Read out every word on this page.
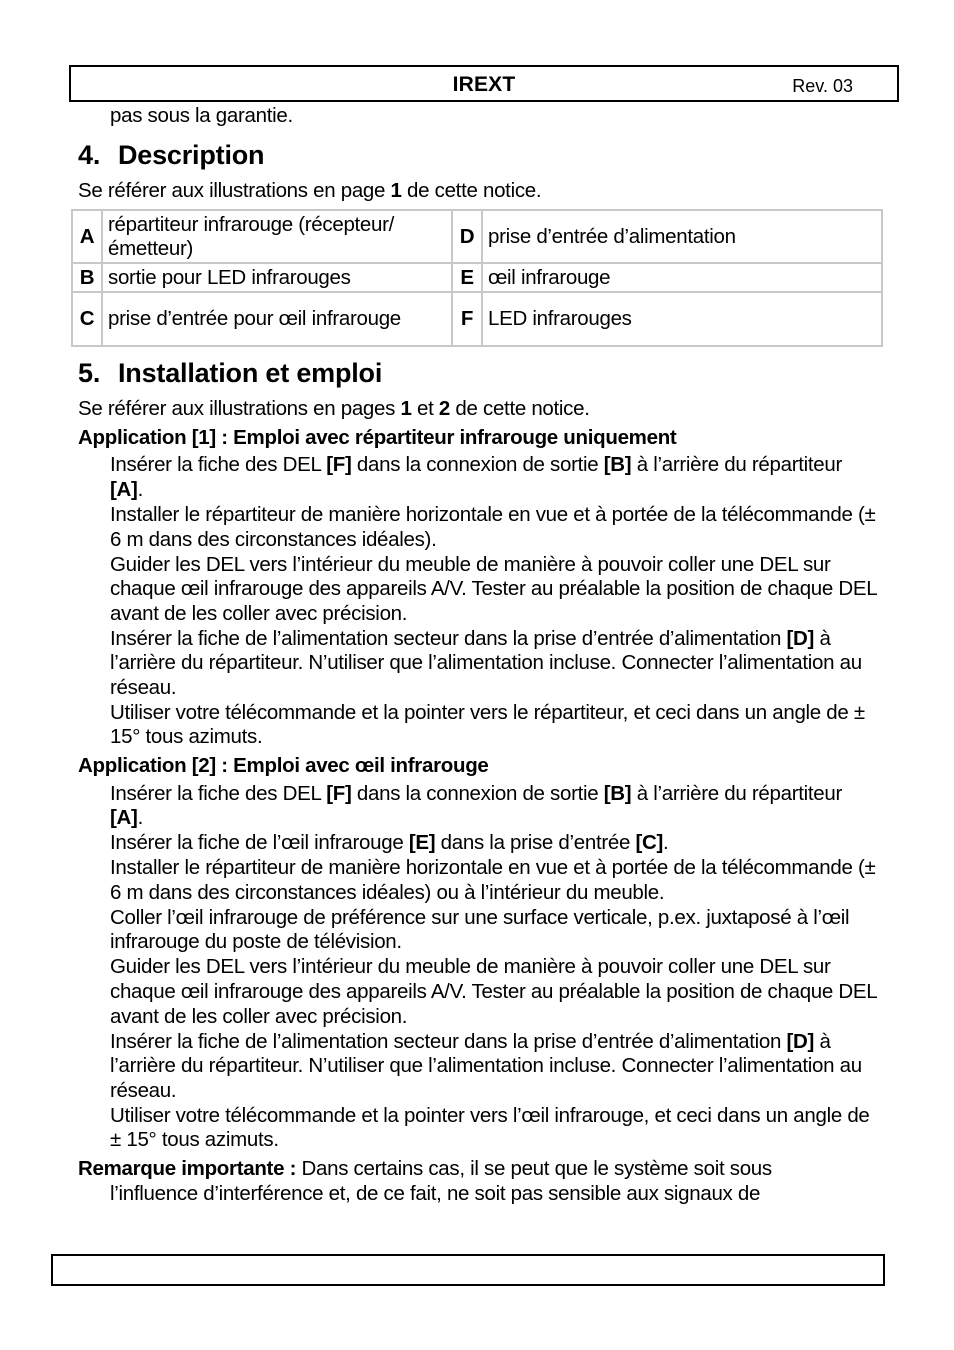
IREXT	Rev. 03
pas sous la garantie.
4. Description
Se référer aux illustrations en page 1 de cette notice.
A	répartiteur infrarouge (récepteur/émetteur)	D	prise d’entrée d’alimentation
B	sortie pour LED infrarouges	E	œil infrarouge
C	prise d’entrée pour œil infrarouge	F	LED infrarouges
5. Installation et emploi
Se référer aux illustrations en pages 1 et 2 de cette notice.
Application [1] : Emploi avec répartiteur infrarouge uniquement
Insérer la fiche des DEL [F] dans la connexion de sortie [B] à l’arrière du répartiteur [A].
Installer le répartiteur de manière horizontale en vue et à portée de la télécommande (± 6 m dans des circonstances idéales).
Guider les DEL vers l’intérieur du meuble de manière à pouvoir coller une DEL sur chaque œil infrarouge des appareils A/V. Tester au préalable la position de chaque DEL avant de les coller avec précision.
Insérer la fiche de l’alimentation secteur dans la prise d’entrée d’alimentation [D] à l’arrière du répartiteur. N’utiliser que l’alimentation incluse. Connecter l’alimentation au réseau.
Utiliser votre télécommande et la pointer vers le répartiteur, et ceci dans un angle de ± 15° tous azimuts.
Application [2] : Emploi avec œil infrarouge
Insérer la fiche des DEL [F] dans la connexion de sortie [B] à l’arrière du répartiteur [A].
Insérer la fiche de l’œil infrarouge [E] dans la prise d’entrée [C].
Installer le répartiteur de manière horizontale en vue et à portée de la télécommande (± 6 m dans des circonstances idéales) ou à l’intérieur du meuble.
Coller l’œil infrarouge de préférence sur une surface verticale, p.ex. juxtaposé à l’œil infrarouge du poste de télévision.
Guider les DEL vers l’intérieur du meuble de manière à pouvoir coller une DEL sur chaque œil infrarouge des appareils A/V. Tester au préalable la position de chaque DEL avant de les coller avec précision.
Insérer la fiche de l’alimentation secteur dans la prise d’entrée d’alimentation [D] à l’arrière du répartiteur. N’utiliser que l’alimentation incluse. Connecter l’alimentation au réseau.
Utiliser votre télécommande et la pointer vers l’œil infrarouge, et ceci dans un angle de ± 15° tous azimuts.
Remarque importante : Dans certains cas, il se peut que le système soit sous
l’influence d’interférence et, de ce fait, ne soit pas sensible aux signaux de
